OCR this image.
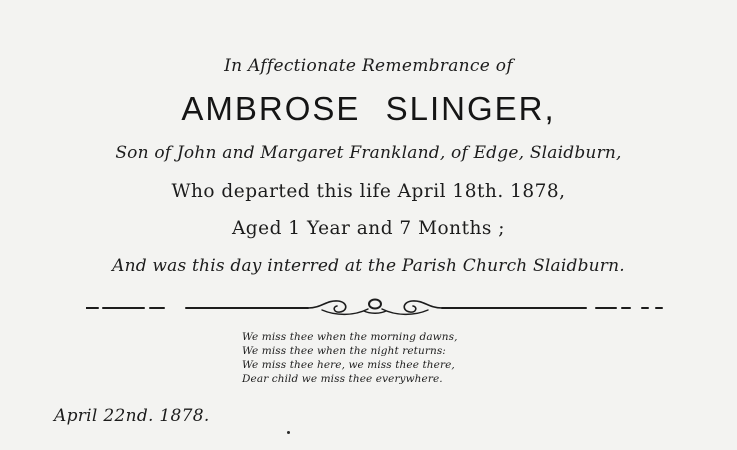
In Affectionate Remembrance of
AMBROSE SLINGER,
Son of John and Margaret Frankland, of Edge, Slaidburn,
Who departed this life April 18th. 1878,
Aged 1 Year and 7 Months ;
And was this day interred at the Parish Church Slaidburn.
We miss thee when the morning dawns,
We miss thee when the night returns:
We miss thee here, we miss thee there,
Dear child we miss thee everywhere.
April 22nd. 1878.
